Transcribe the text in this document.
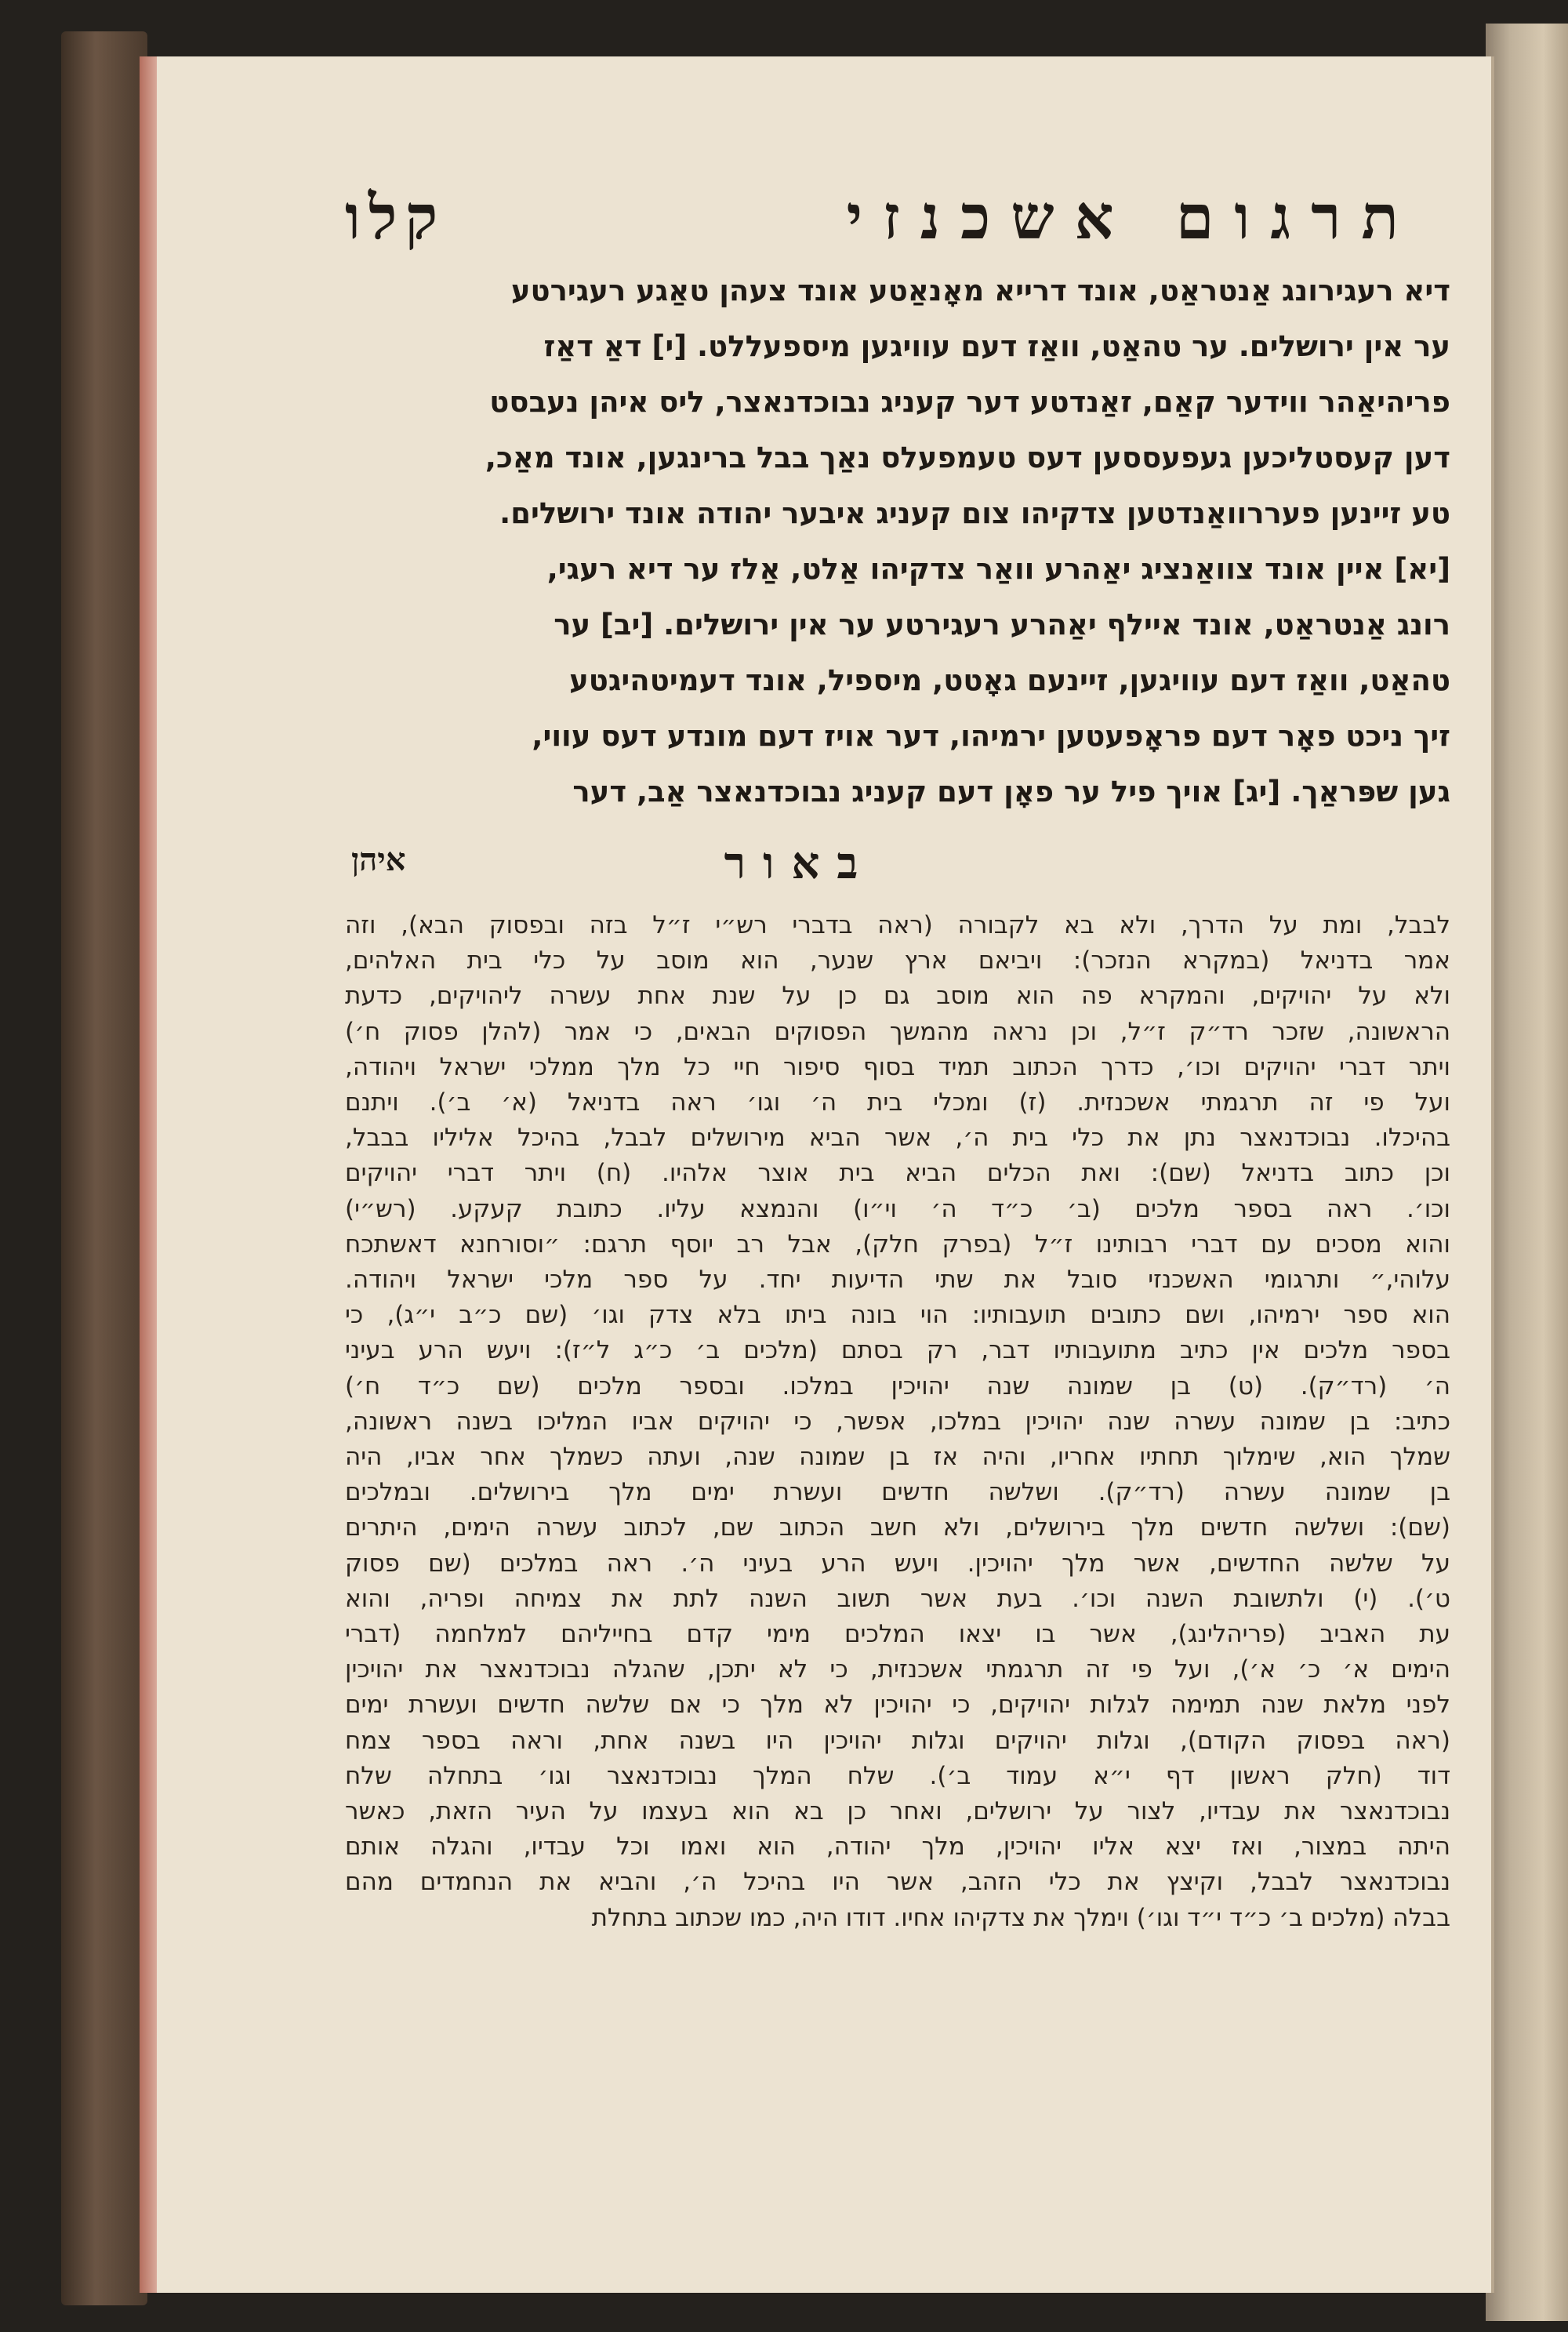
תרגום אשכנזי
קלו
דיא רעגירונג אַנטראַט, אונד דרייא מאָנאַטע אונד צעהן טאַגע רעגירטע
ער אין ירושלים. ער טהאַט, וואַז דעם עוויגען מיספעללט. [י] דאַ דאַז
פריהיאַהר ווידער קאַם, זאַנדטע דער קעניג נבוכדנאצר, ליס איהן נעבסט
דען קעסטליכען געפעססען דעס טעמפעלס נאַך בבל ברינגען, אונד מאַכ,
טע זיינען פעררוואַנדטען צדקיהו צום קעניג איבער יהודה אונד ירושלים.
[יא] איין אונד צוואַנציג יאַהרע וואַר צדקיהו אַלט, אַלז ער דיא רעגי,
רונג אַנטראַט, אונד איילף יאַהרע רעגירטע ער אין ירושלים. [יב] ער
טהאַט, וואַז דעם עוויגען, זיינעם גאָטט, מיספיל, אונד דעמיטהיגטע
זיך ניכט פאָר דעם פראָפעטען ירמיהו, דער אויז דעם מונדע דעס עווי,
גען שפּראַך. [יג] אויך פיל ער פאָן דעם קעניג נבוכדנאצר אַב, דער
באור
איהן
לבבל, ומת על הדרך, ולא בא לקבורה (ראה בדברי רש״י ז״ל בזה ובפסוק הבא), וזה
אמר בדניאל (במקרא הנזכר): ויביאם ארץ שנער, הוא מוסב על כלי בית האלהים,
ולא על יהויקים, והמקרא פה הוא מוסב גם כן על שנת אחת עשרה ליהויקים, כדעת
הראשונה, שזכר רד״ק ז״ל, וכן נראה מהמשך הפסוקים הבאים, כי אמר (להלן פסוק ח׳)
ויתר דברי יהויקים וכו׳, כדרך הכתוב תמיד בסוף סיפור חיי כל מלך ממלכי ישראל ויהודה,
ועל פי זה תרגמתי אשכנזית. (ז) ומכלי בית ה׳ וגו׳ ראה בדניאל (א׳ ב׳). ויתנם
בהיכלו. נבוכדנאצר נתן את כלי בית ה׳, אשר הביא מירושלים לבבל, בהיכל אליליו בבבל,
וכן כתוב בדניאל (שם): ואת הכלים הביא בית אוצר אלהיו. (ח) ויתר דברי יהויקים
וכו׳. ראה בספר מלכים (ב׳ כ״ד ה׳ וי״ו) והנמצא עליו. כתובת קעקע. (רש״י)
והוא מסכים עם דברי רבותינו ז״ל (בפרק חלק), אבל רב יוסף תרגם: ״וסורחנא דאשתכח
עלוהי,״ ותרגומי האשכנזי סובל את שתי הדיעות יחד. על ספר מלכי ישראל ויהודה.
הוא ספר ירמיהו, ושם כתובים תועבותיו: הוי בונה ביתו בלא צדק וגו׳ (שם כ״ב י״ג), כי
בספר מלכים אין כתיב מתועבותיו דבר, רק בסתם (מלכים ב׳ כ״ג ל״ז): ויעש הרע בעיני
ה׳ (רד״ק). (ט) בן שמונה שנה יהויכין במלכו. ובספר מלכים (שם כ״ד ח׳)
כתיב: בן שמונה עשרה שנה יהויכין במלכו, אפשר, כי יהויקים אביו המליכו בשנה ראשונה,
שמלך הוא, שימלוך תחתיו אחריו, והיה אז בן שמונה שנה, ועתה כשמלך אחר אביו, היה
בן שמונה עשרה (רד״ק). ושלשה חדשים ועשרת ימים מלך בירושלים. ובמלכים
(שם): ושלשה חדשים מלך בירושלים, ולא חשב הכתוב שם, לכתוב עשרה הימים, היתרים
על שלשה החדשים, אשר מלך יהויכין. ויעש הרע בעיני ה׳. ראה במלכים (שם פסוק
ט׳). (י) ולתשובת השנה וכו׳. בעת אשר תשוב השנה לתת את צמיחה ופריה, והוא
עת האביב (פריהלינג), אשר בו יצאו המלכים מימי קדם בחייליהם למלחמה (דברי
הימים א׳ כ׳ א׳), ועל פי זה תרגמתי אשכנזית, כי לא יתכן, שהגלה נבוכדנאצר את יהויכין
לפני מלאת שנה תמימה לגלות יהויקים, כי יהויכין לא מלך כי אם שלשה חדשים ועשרת ימים
(ראה בפסוק הקודם), וגלות יהויקים וגלות יהויכין היו בשנה אחת, וראה בספר צמח
דוד (חלק ראשון דף י״א עמוד ב׳). שלח המלך נבוכדנאצר וגו׳ בתחלה שלח
נבוכדנאצר את עבדיו, לצור על ירושלים, ואחר כן בא הוא בעצמו על העיר הזאת, כאשר
היתה במצור, ואז יצא אליו יהויכין, מלך יהודה, הוא ואמו וכל עבדיו, והגלה אותם
נבוכדנאצר לבבל, וקיצץ את כלי הזהב, אשר היו בהיכל ה׳, והביא את הנחמדים מהם
בבלה (מלכים ב׳ כ״ד י״ד וגו׳) וימלך את צדקיהו אחיו. דודו היה, כמו שכתוב בתחלת
